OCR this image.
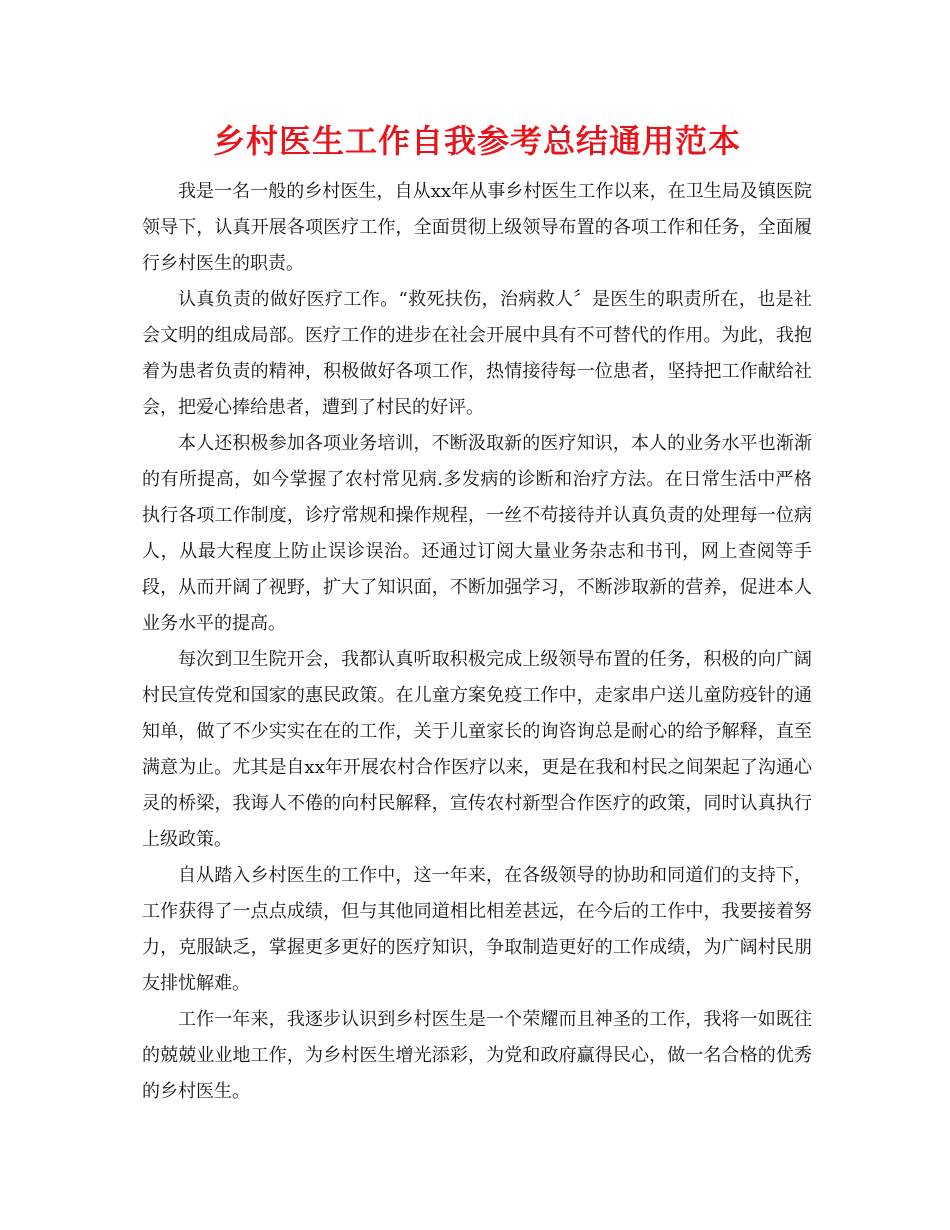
乡村医生工作自我参考总结通用范本

我是一名一般的乡村医生，自从xx年从事乡村医生工作以来，在卫生局及镇医院领导下，认真开展各项医疗工作，全面贯彻上级领导布置的各项工作和任务，全面履行乡村医生的职责。

认真负责的做好医疗工作。“救死扶伤，治病救人〞是医生的职责所在，也是社会文明的组成局部。医疗工作的进步在社会开展中具有不可替代的作用。为此，我抱着为患者负责的精神，积极做好各项工作，热情接待每一位患者，坚持把工作献给社会，把爱心捧给患者，遭到了村民的好评。

本人还积极参加各项业务培训，不断汲取新的医疗知识，本人的业务水平也渐渐的有所提高，如今掌握了农村常见病.多发病的诊断和治疗方法。在日常生活中严格执行各项工作制度，诊疗常规和操作规程，一丝不苟接待并认真负责的处理每一位病人，从最大程度上防止误诊误治。还通过订阅大量业务杂志和书刊，网上查阅等手段，从而开阔了视野，扩大了知识面，不断加强学习，不断涉取新的营养，促进本人业务水平的提高。

每次到卫生院开会，我都认真听取积极完成上级领导布置的任务，积极的向广阔村民宣传党和国家的惠民政策。在儿童方案免疫工作中，走家串户送儿童防疫针的通知单，做了不少实实在在的工作，关于儿童家长的询咨询总是耐心的给予解释，直至满意为止。尤其是自xx年开展农村合作医疗以来，更是在我和村民之间架起了沟通心灵的桥梁，我诲人不倦的向村民解释，宣传农村新型合作医疗的政策，同时认真执行上级政策。

自从踏入乡村医生的工作中，这一年来，在各级领导的协助和同道们的支持下，工作获得了一点点成绩，但与其他同道相比相差甚远，在今后的工作中，我要接着努力，克服缺乏，掌握更多更好的医疗知识，争取制造更好的工作成绩，为广阔村民朋友排忧解难。

工作一年来，我逐步认识到乡村医生是一个荣耀而且神圣的工作，我将一如既往的兢兢业业地工作，为乡村医生增光添彩，为党和政府赢得民心，做一名合格的优秀的乡村医生。
